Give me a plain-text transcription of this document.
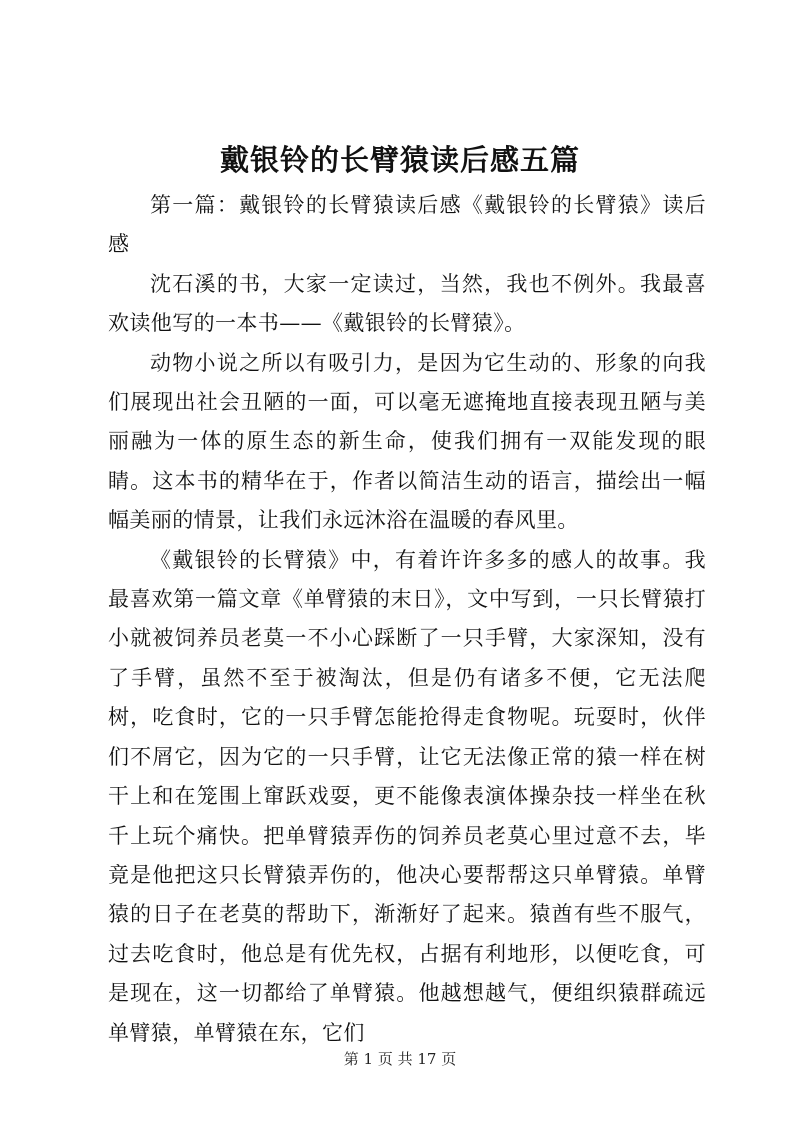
戴银铃的长臂猿读后感五篇

第一篇：戴银铃的长臂猿读后感《戴银铃的长臂猿》读后感

沈石溪的书，大家一定读过，当然，我也不例外。我最喜欢读他写的一本书——《戴银铃的长臂猿》。

动物小说之所以有吸引力，是因为它生动的、形象的向我们展现出社会丑陋的一面，可以毫无遮掩地直接表现丑陋与美丽融为一体的原生态的新生命，使我们拥有一双能发现的眼睛。这本书的精华在于，作者以简洁生动的语言，描绘出一幅幅美丽的情景，让我们永远沐浴在温暖的春风里。

《戴银铃的长臂猿》中，有着许许多多的感人的故事。我最喜欢第一篇文章《单臂猿的末日》，文中写到，一只长臂猿打小就被饲养员老莫一不小心踩断了一只手臂，大家深知，没有了手臂，虽然不至于被淘汰，但是仍有诸多不便，它无法爬树，吃食时，它的一只手臂怎能抢得走食物呢。玩耍时，伙伴们不屑它，因为它的一只手臂，让它无法像正常的猿一样在树干上和在笼围上窜跃戏耍，更不能像表演体操杂技一样坐在秋千上玩个痛快。把单臂猿弄伤的饲养员老莫心里过意不去，毕竟是他把这只长臂猿弄伤的，他决心要帮帮这只单臂猿。单臂猿的日子在老莫的帮助下，渐渐好了起来。猿酋有些不服气，过去吃食时，他总是有优先权，占据有利地形，以便吃食，可是现在，这一切都给了单臂猿。他越想越气，便组织猿群疏远单臂猿，单臂猿在东，它们

第 1 页 共 17 页
